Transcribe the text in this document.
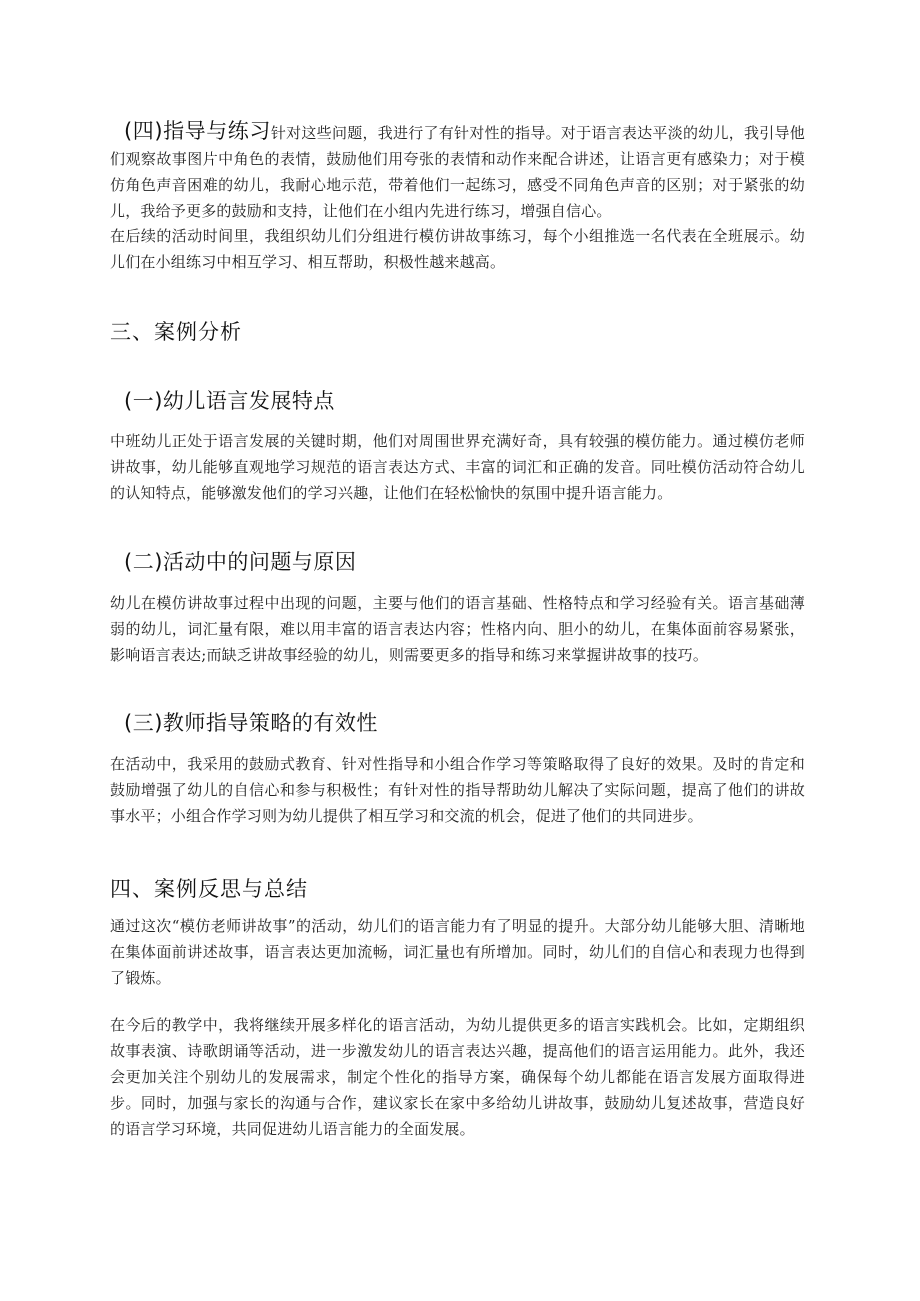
(四)指导与练习针对这些问题，我进行了有针对性的指导。对于语言表达平淡的幼儿，我引导他们观察故事图片中角色的表情，鼓励他们用夸张的表情和动作来配合讲述，让语言更有感染力；对于模仿角色声音困难的幼儿，我耐心地示范，带着他们一起练习，感受不同角色声音的区别；对于紧张的幼儿，我给予更多的鼓励和支持，让他们在小组内先进行练习，增强自信心。

在后续的活动时间里，我组织幼儿们分组进行模仿讲故事练习，每个小组推选一名代表在全班展示。幼儿们在小组练习中相互学习、相互帮助，积极性越来越高。

三、案例分析
(一)幼儿语言发展特点

中班幼儿正处于语言发展的关键时期，他们对周围世界充满好奇，具有较强的模仿能力。通过模仿老师讲故事，幼儿能够直观地学习规范的语言表达方式、丰富的词汇和正确的发音。同吐模仿活动符合幼儿的认知特点，能够激发他们的学习兴趣，让他们在轻松愉快的氛围中提升语言能力。

(二)活动中的问题与原因

幼儿在模仿讲故事过程中出现的问题，主要与他们的语言基础、性格特点和学习经验有关。语言基础薄弱的幼儿，词汇量有限，难以用丰富的语言表达内容；性格内向、胆小的幼儿，在集体面前容易紧张，影响语言表达;而缺乏讲故事经验的幼儿，则需要更多的指导和练习来掌握讲故事的技巧。

(三)教师指导策略的有效性

在活动中，我采用的鼓励式教育、针对性指导和小组合作学习等策略取得了良好的效果。及时的肯定和鼓励增强了幼儿的自信心和参与积极性；有针对性的指导帮助幼儿解决了实际问题，提高了他们的讲故事水平；小组合作学习则为幼儿提供了相互学习和交流的机会，促进了他们的共同进步。

四、案例反思与总结

通过这次“模仿老师讲故事”的活动，幼儿们的语言能力有了明显的提升。大部分幼儿能够大胆、清晰地在集体面前讲述故事，语言表达更加流畅，词汇量也有所增加。同时，幼儿们的自信心和表现力也得到了锻炼。

在今后的教学中，我将继续开展多样化的语言活动，为幼儿提供更多的语言实践机会。比如，定期组织故事表演、诗歌朗诵等活动，进一步激发幼儿的语言表达兴趣，提高他们的语言运用能力。此外，我还会更加关注个别幼儿的发展需求，制定个性化的指导方案，确保每个幼儿都能在语言发展方面取得进步。同时，加强与家长的沟通与合作，建议家长在家中多给幼儿讲故事，鼓励幼儿复述故事，营造良好的语言学习环境，共同促进幼儿语言能力的全面发展。
